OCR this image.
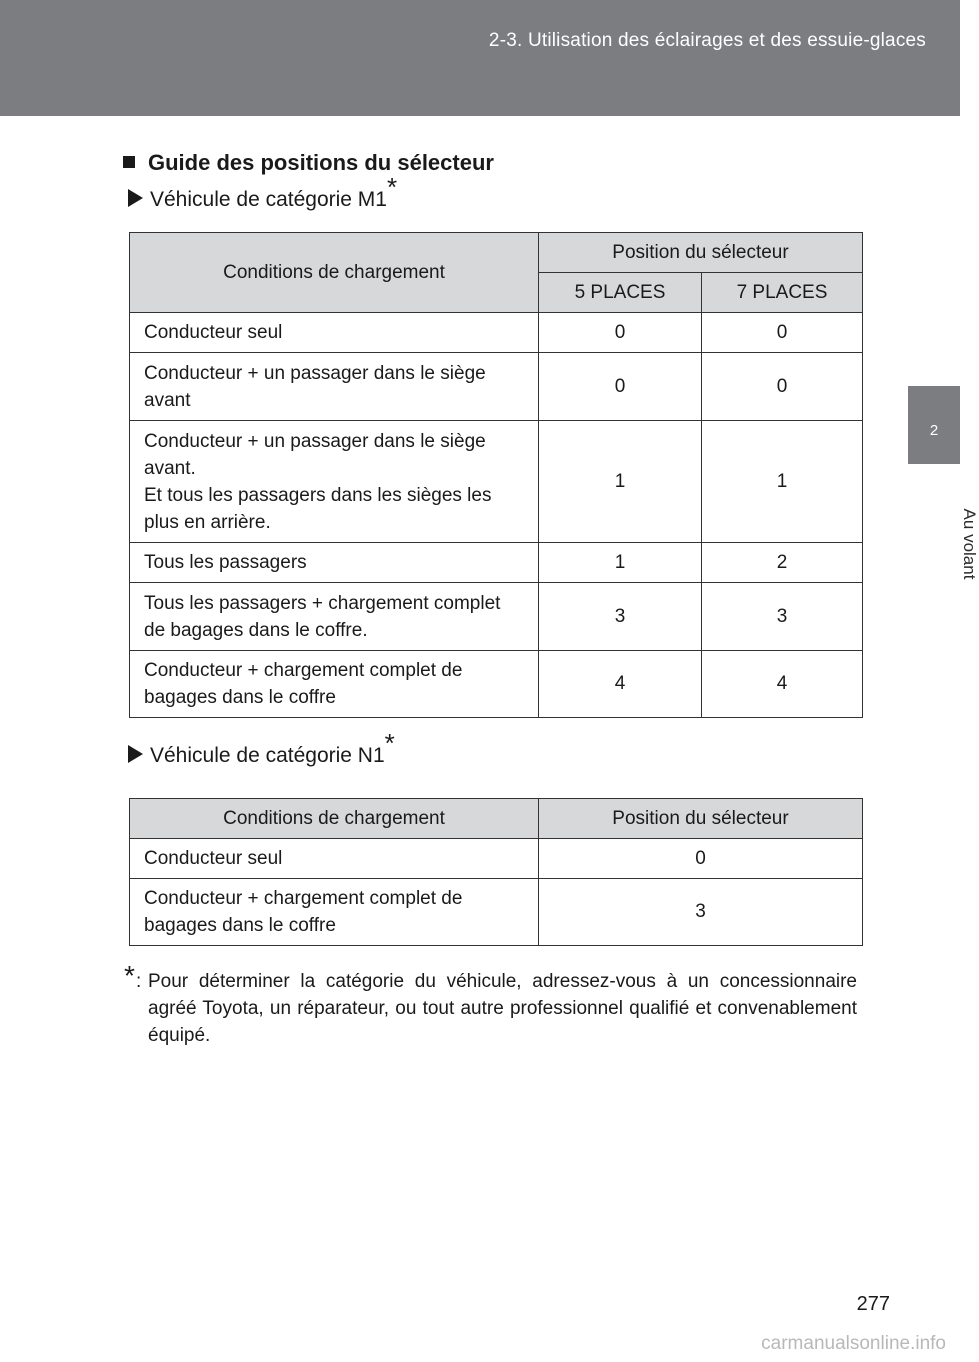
2-3. Utilisation des éclairages et des essuie-glaces
2
Au volant
Guide des positions du sélecteur
Véhicule de catégorie M1*
Conditions de chargement	Position du sélecteur	
	5 PLACES	7 PLACES
Conducteur seul	0	0
Conducteur + un passager dans le siège avant	0	0
Conducteur + un passager dans le siège avant.
Et tous les passagers dans les sièges les plus en arrière.	1	1
Tous les passagers	1	2
Tous les passagers + chargement complet de bagages dans le coffre.	3	3
Conducteur + chargement complet de bagages dans le coffre	4	4
Véhicule de catégorie N1*
Conditions de chargement	Position du sélecteur
Conducteur seul	0
Conducteur + chargement complet de bagages dans le coffre	3
* : Pour déterminer la catégorie du véhicule, adressez-vous à un concessionnaire agréé Toyota, un réparateur, ou tout autre professionnel qualifié et convenablement équipé.
277
carmanualsonline.info
